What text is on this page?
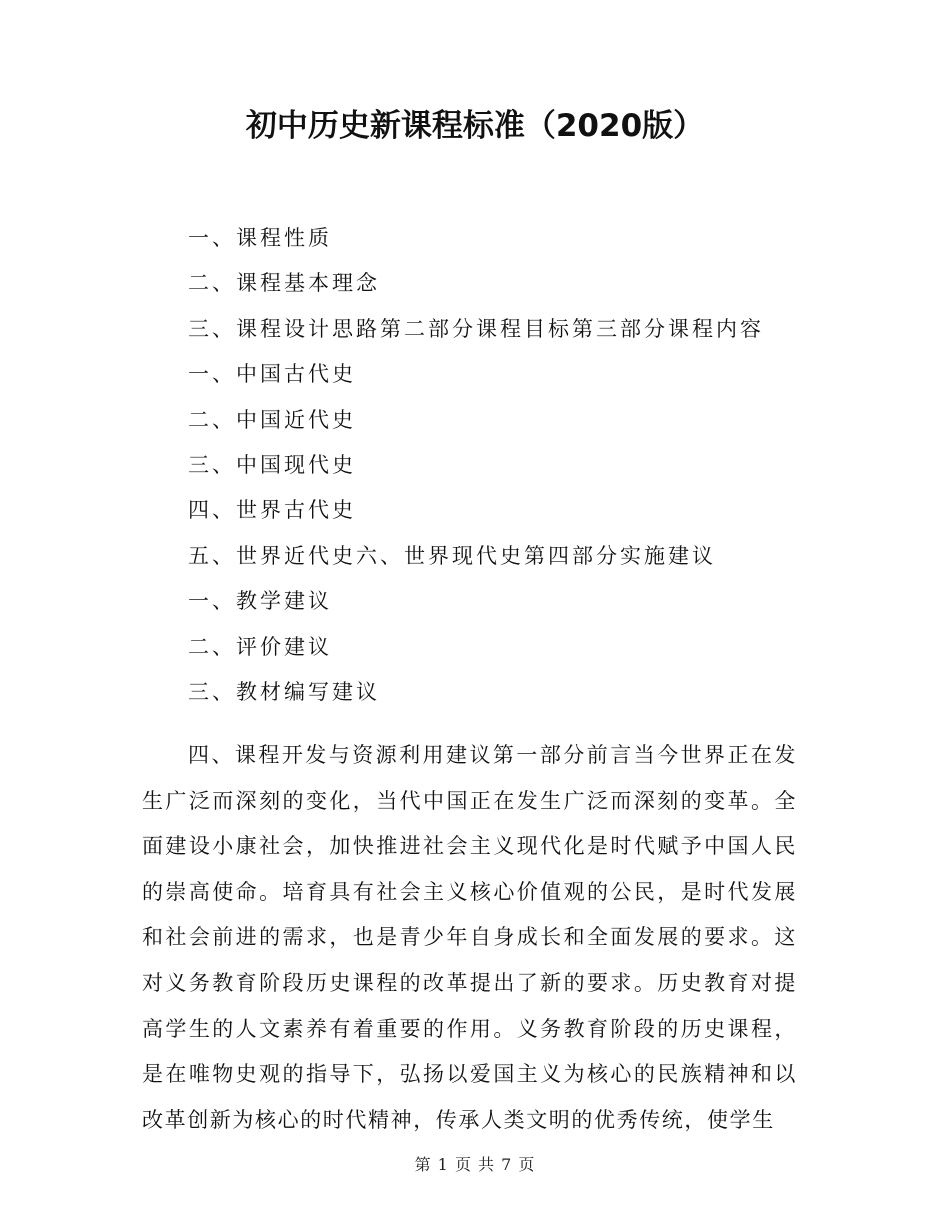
初中历史新课程标准（2020版）
一、课程性质
二、课程基本理念
三、课程设计思路第二部分课程目标第三部分课程内容
一、中国古代史
二、中国近代史
三、中国现代史
四、世界古代史
五、世界近代史六、世界现代史第四部分实施建议
一、教学建议
二、评价建议
三、教材编写建议

四、课程开发与资源利用建议第一部分前言当今世界正在发生广泛而深刻的变化，当代中国正在发生广泛而深刻的变革。全面建设小康社会，加快推进社会主义现代化是时代赋予中国人民的崇高使命。培育具有社会主义核心价值观的公民，是时代发展和社会前进的需求，也是青少年自身成长和全面发展的要求。这对义务教育阶段历史课程的改革提出了新的要求。历史教育对提高学生的人文素养有着重要的作用。义务教育阶段的历史课程，是在唯物史观的指导下，弘扬以爱国主义为核心的民族精神和以改革创新为核心的时代精神，传承人类文明的优秀传统，使学生

第 1 页 共 7 页
